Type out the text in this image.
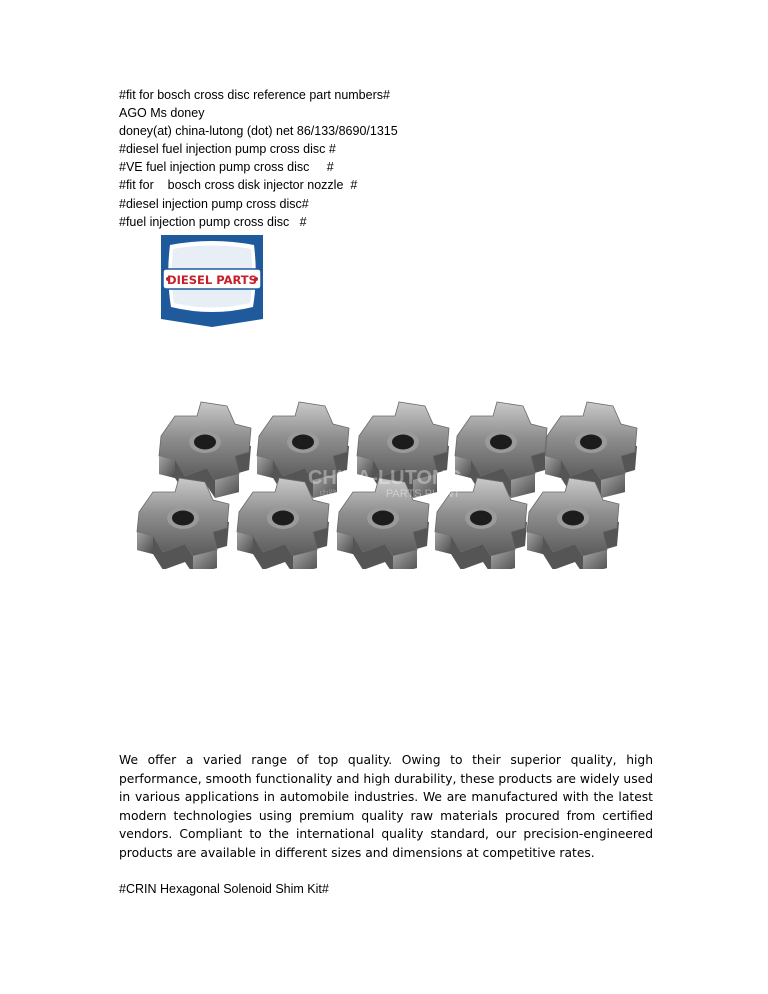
#fit for bosch cross disc reference part numbers#
AGO Ms doney
doney(at) china-lutong (dot) net 86/133/8690/1315
#diesel fuel injection pump cross disc #
#VE fuel injection pump cross disc     #
#fit for    bosch cross disk injector nozzle  #
#diesel injection pump cross disc#
#fuel injection pump cross disc   #
DIESEL PARTS
CHINA-LUTONG
中路通	PARTS PLANT

We offer a varied range of top quality. Owing to their superior quality, high performance, smooth functionality and high durability, these products are widely used in various applications in automobile industries. We are manufactured with the latest modern technologies using premium quality raw materials procured from certified vendors. Compliant to the international quality standard, our precision-engineered products are available in different sizes and dimensions at competitive rates.

#CRIN Hexagonal Solenoid Shim Kit#
